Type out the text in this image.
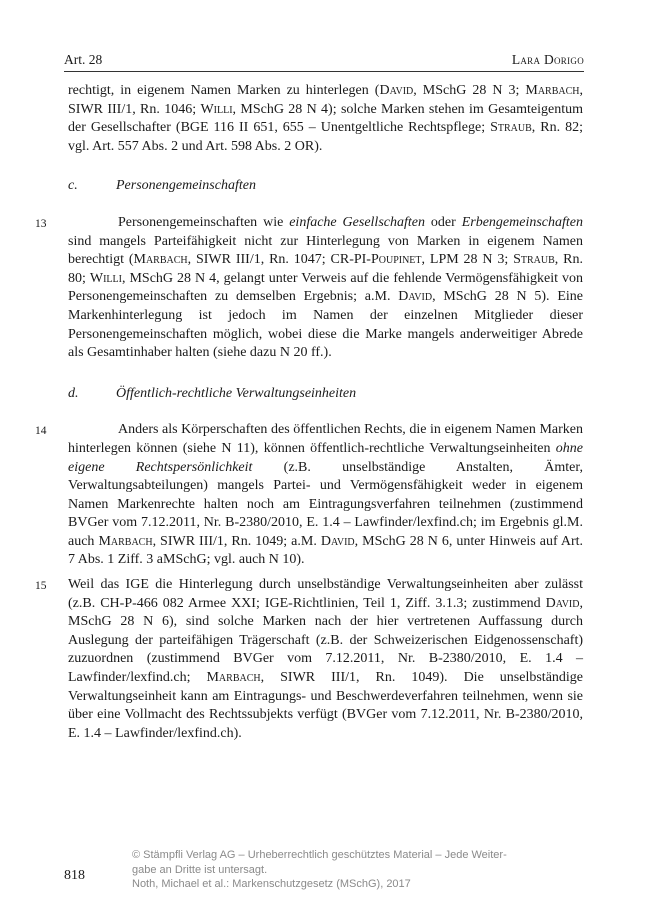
Art. 28	Lara Dorigo

rechtigt, in eigenem Namen Marken zu hinterlegen (David, MSchG 28 N 3; Marbach, SIWR III/1, Rn. 1046; Willi, MSchG 28 N 4); solche Marken stehen im Gesamteigentum der Gesellschafter (BGE 116 II 651, 655 – Unentgeltliche Rechtspflege; Straub, Rn. 82; vgl. Art. 557 Abs. 2 und Art. 598 Abs. 2 OR).

c.	Personengemeinschaften

13	Personengemeinschaften wie einfache Gesellschaften oder Erbengemeinschaften sind mangels Parteifähigkeit nicht zur Hinterlegung von Marken in eigenem Namen berechtigt (Marbach, SIWR III/1, Rn. 1047; CR-PI-Poupinet, LPM 28 N 3; Straub, Rn. 80; Willi, MSchG 28 N 4, gelangt unter Verweis auf die fehlende Vermögensfähigkeit von Personengemeinschaften zu demselben Ergebnis; a.M. David, MSchG 28 N 5). Eine Markenhinterlegung ist jedoch im Namen der einzelnen Mitglieder dieser Personengemeinschaften möglich, wobei diese die Marke mangels anderweitiger Abrede als Gesamtinhaber halten (siehe dazu N 20 ff.).

d.	Öffentlich-rechtliche Verwaltungseinheiten

14	Anders als Körperschaften des öffentlichen Rechts, die in eigenem Namen Marken hinterlegen können (siehe N 11), können öffentlich-rechtliche Verwaltungseinheiten ohne eigene Rechtspersönlichkeit (z.B. unselbständige Anstalten, Ämter, Verwaltungsabteilungen) mangels Partei- und Vermögensfähigkeit weder in eigenem Namen Markenrechte halten noch am Eintragungsverfahren teilnehmen (zustimmend BVGer vom 7.12.2011, Nr. B-2380/2010, E. 1.4 – Lawfinder/lexfind.ch; im Ergebnis gl.M. auch Marbach, SIWR III/1, Rn. 1049; a.M. David, MSchG 28 N 6, unter Hinweis auf Art. 7 Abs. 1 Ziff. 3 aMSchG; vgl. auch N 10).

15 Weil das IGE die Hinterlegung durch unselbständige Verwaltungseinheiten aber zulässt (z.B. CH-P-466 082 Armee XXI; IGE-Richtlinien, Teil 1, Ziff. 3.1.3; zustimmend David, MSchG 28 N 6), sind solche Marken nach der hier vertretenen Auffassung durch Auslegung der parteifähigen Trägerschaft (z.B. der Schweizerischen Eidgenossenschaft) zuzuordnen (zustimmend BVGer vom 7.12.2011, Nr. B-2380/2010, E. 1.4 – Lawfinder/lexfind.ch; Marbach, SIWR III/1, Rn. 1049). Die unselbständige Verwaltungseinheit kann am Eintragungs- und Beschwerdeverfahren teilnehmen, wenn sie über eine Vollmacht des Rechtssubjekts verfügt (BVGer vom 7.12.2011, Nr. B-2380/2010, E. 1.4 – Lawfinder/lexfind.ch).

818
© Stämpfli Verlag AG – Urheberrechtlich geschütztes Material – Jede Weiter-
gabe an Dritte ist untersagt.
Noth, Michael et al.: Markenschutzgesetz (MSchG), 2017
